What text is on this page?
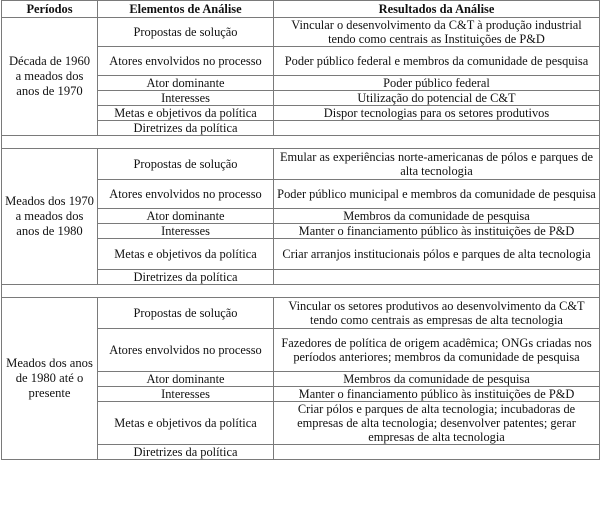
Períodos	Elementos de Análise	Resultados da Análise
Década de 1960 a meados dos anos de 1970	Propostas de solução	Vincular o desenvolvimento da C&T à produção industrial tendo como centrais as Instituições de P&D
	Atores envolvidos no processo	Poder público federal e membros da comunidade de pesquisa
	Ator dominante	Poder público federal
	Interesses	Utilização do potencial de C&T
	Metas e objetivos da política	Dispor tecnologias para os setores produtivos
	Diretrizes da política	

Meados dos 1970 a meados dos anos de 1980	Propostas de solução	Emular as experiências norte-americanas de pólos e parques de alta tecnologia
	Atores envolvidos no processo	Poder público municipal e membros da comunidade de pesquisa
	Ator dominante	Membros da comunidade de pesquisa
	Interesses	Manter o financiamento público às instituições de P&D
	Metas e objetivos da política	Criar arranjos institucionais pólos e parques de alta tecnologia
	Diretrizes da política	

Meados dos anos de 1980 até o presente	Propostas de solução	Vincular os setores produtivos ao desenvolvimento da C&T tendo como centrais as empresas de alta tecnologia
	Atores envolvidos no processo	Fazedores de política de origem acadêmica; ONGs criadas nos períodos anteriores; membros da comunidade de pesquisa
	Ator dominante	Membros da comunidade de pesquisa
	Interesses	Manter o financiamento público às instituições de P&D
	Metas e objetivos da política	Criar pólos e parques de alta tecnologia; incubadoras de empresas de alta tecnologia; desenvolver patentes; gerar empresas de alta tecnologia
	Diretrizes da política	
